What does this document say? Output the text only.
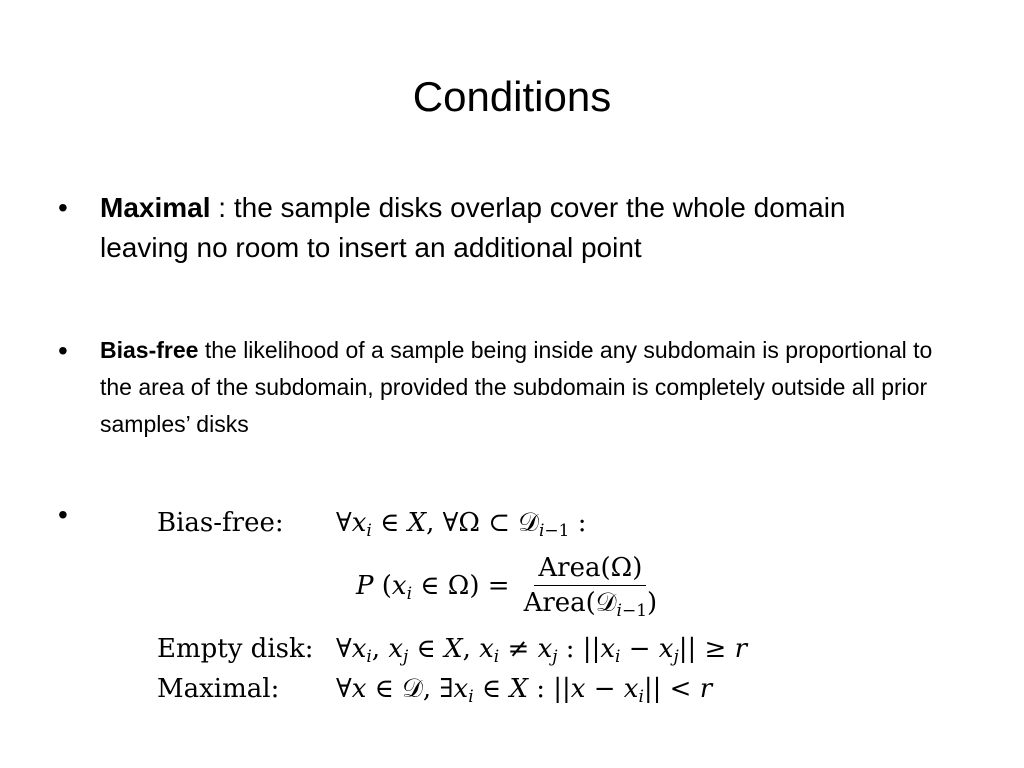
Conditions
• Maximal : the sample disks overlap cover the whole domain leaving no room to insert an additional point
• Bias-free the likelihood of a sample being inside any subdomain is proportional to the area of the subdomain, provided the subdomain is completely outside all prior samples’ disks
•	Bias-free: $\forall x_i$ ∈ X, ∀Ω ⊂ 𝒟$_{i-1}$ :
P ($x_i$ ∈ $\Omega) = \frac{\text{Area(Ω)}}{Area(𝒟_{i-1})}$
Empty disk: $\forall x_i$, $x_j$ ∈ X, $x_i \ne x_j$ : $||x_i - x_j|| \ge r$
Maximal: ∀x ∈ 𝒟, $\exists x_i$ ∈ X : $||x - x_i|| < r$
